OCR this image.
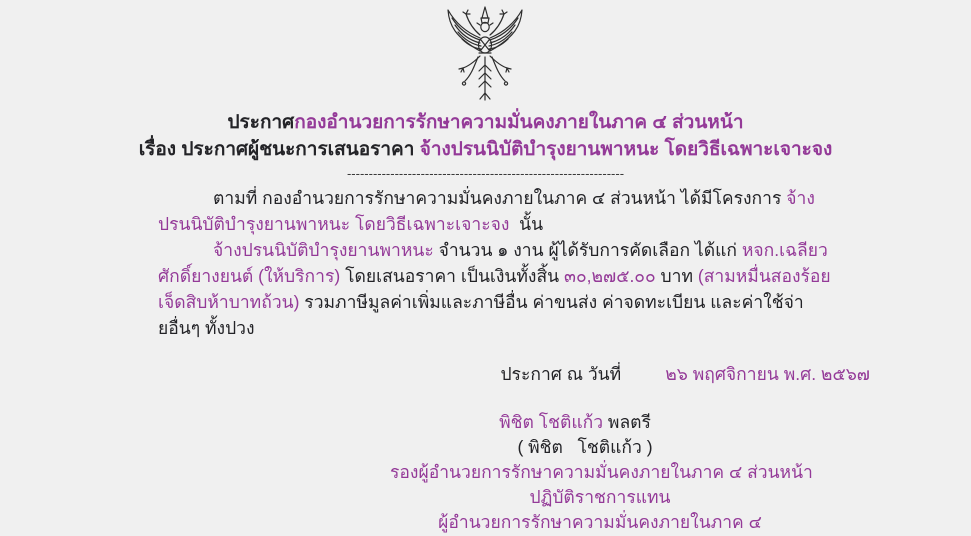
ประกาศกองอำนวยการรักษาความมั่นคงภายในภาค ๔ ส่วนหน้า
เรื่อง ประกาศผู้ชนะการเสนอราคา จ้างปรนนิบัติบำรุงยานพาหนะ โดยวิธีเฉพาะเจาะจง
----------------------------------------------------------------

ตามที่ กองอำนวยการรักษาความมั่นคงภายในภาค ๔ ส่วนหน้า ได้มีโครงการ จ้างปรนนิบัติบำรุงยานพาหนะ โดยวิธีเฉพาะเจาะจง  นั้น

จ้างปรนนิบัติบำรุงยานพาหนะ จำนวน ๑ งาน ผู้ได้รับการคัดเลือก ได้แก่ หจก.เฉลียวศักดิ์ยางยนต์ (ให้บริการ) โดยเสนอราคา เป็นเงินทั้งสิ้น ๓๐,๒๗๕.๐๐ บาท (สามหมื่นสองร้อยเจ็ดสิบห้าบาทถ้วน) รวมภาษีมูลค่าเพิ่มและภาษีอื่น ค่าขนส่ง ค่าจดทะเบียน และค่าใช้จ่ายอื่นๆ ทั้งปวง

ประกาศ ณ วันที่	๒๖ พฤศจิกายน พ.ศ. ๒๕๖๗

พิชิต โชติแก้ว พลตรี
( พิชิต   โชติแก้ว )
รองผู้อำนวยการรักษาความมั่นคงภายในภาค ๔ ส่วนหน้า
ปฏิบัติราชการแทน
ผู้อำนวยการรักษาความมั่นคงภายในภาค ๔
